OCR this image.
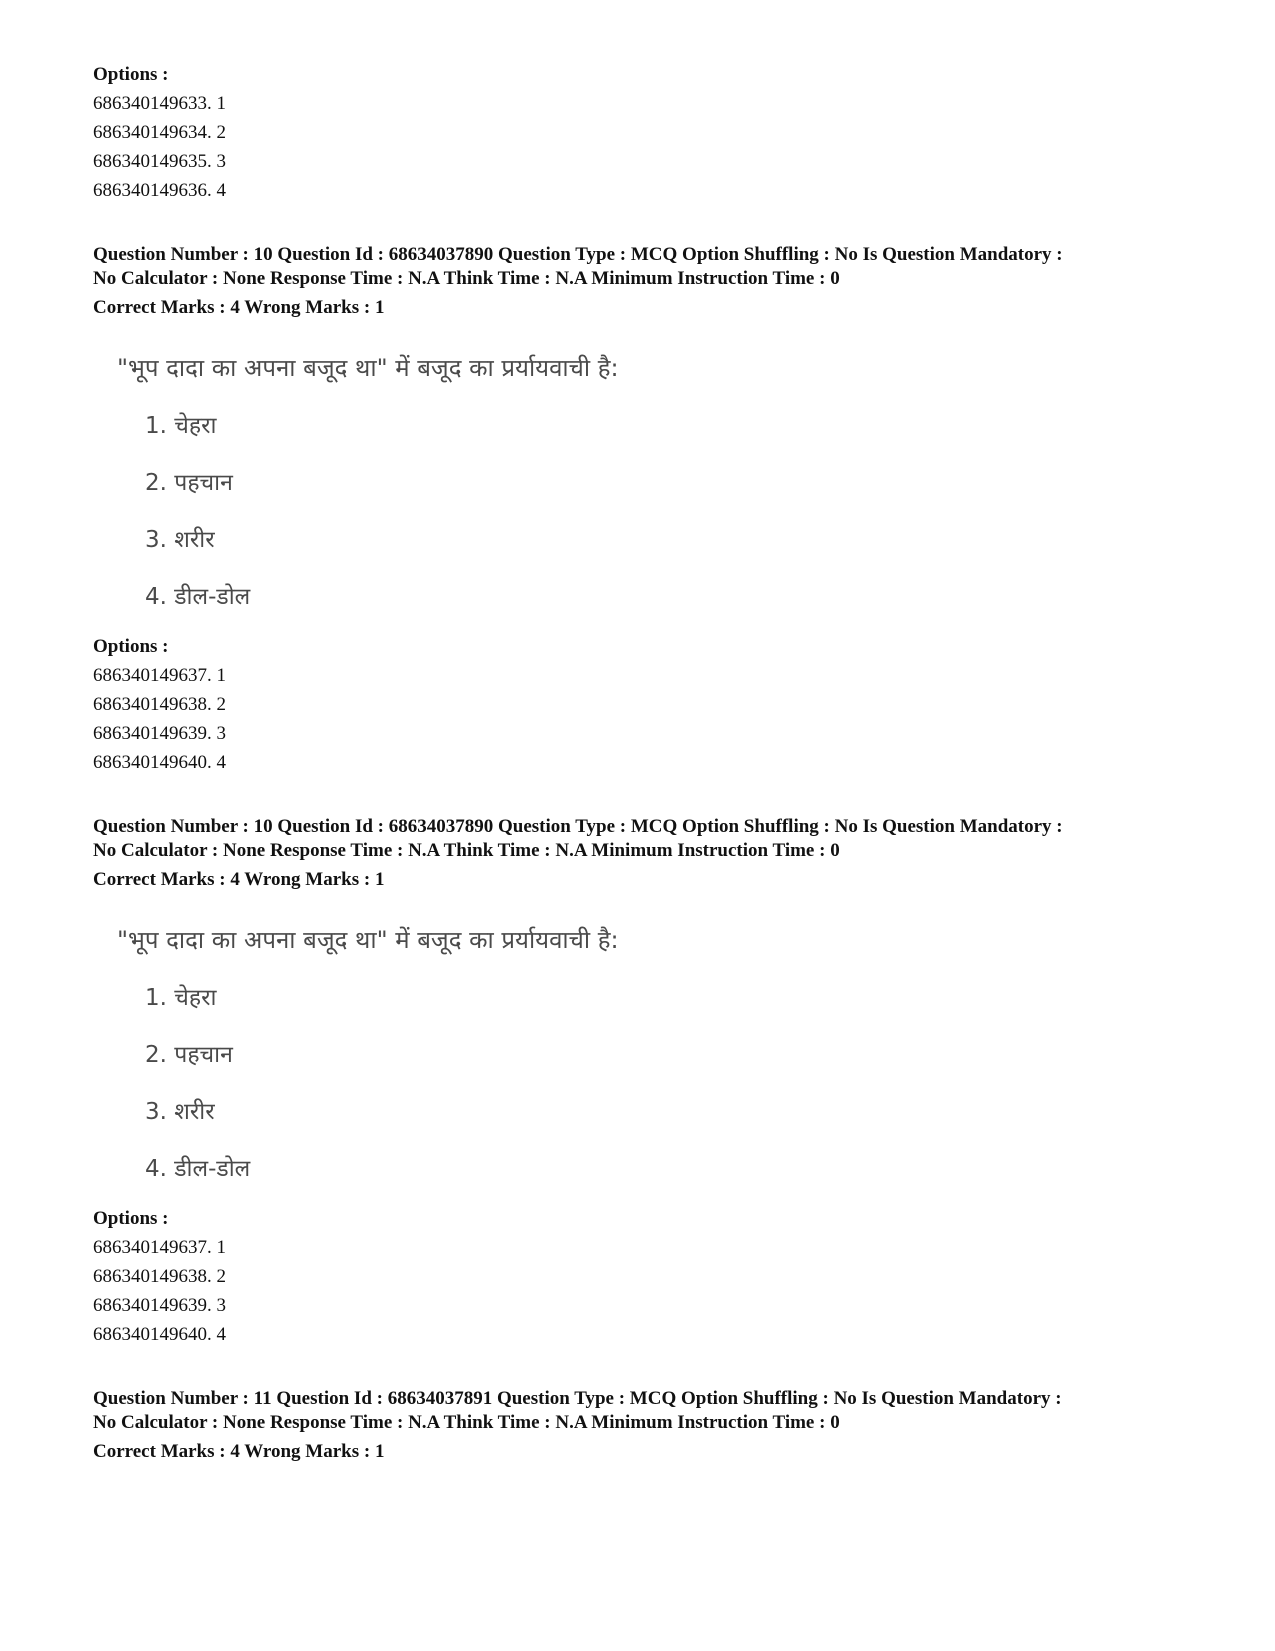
Options :
686340149633. 1
686340149634. 2
686340149635. 3
686340149636. 4
Question Number : 10 Question Id : 68634037890 Question Type : MCQ Option Shuffling : No Is Question Mandatory :
No Calculator : None Response Time : N.A Think Time : N.A Minimum Instruction Time : 0
Correct Marks : 4 Wrong Marks : 1
"भूप दादा का अपना बजूद था" में बजूद का प्रर्यायवाची है:
1. चेहरा
2. पहचान
3. शरीर
4. डील-डोल
Options :
686340149637. 1
686340149638. 2
686340149639. 3
686340149640. 4
Question Number : 10 Question Id : 68634037890 Question Type : MCQ Option Shuffling : No Is Question Mandatory :
No Calculator : None Response Time : N.A Think Time : N.A Minimum Instruction Time : 0
Correct Marks : 4 Wrong Marks : 1
"भूप दादा का अपना बजूद था" में बजूद का प्रर्यायवाची है:
1. चेहरा
2. पहचान
3. शरीर
4. डील-डोल
Options :
686340149637. 1
686340149638. 2
686340149639. 3
686340149640. 4
Question Number : 11 Question Id : 68634037891 Question Type : MCQ Option Shuffling : No Is Question Mandatory :
No Calculator : None Response Time : N.A Think Time : N.A Minimum Instruction Time : 0
Correct Marks : 4 Wrong Marks : 1
